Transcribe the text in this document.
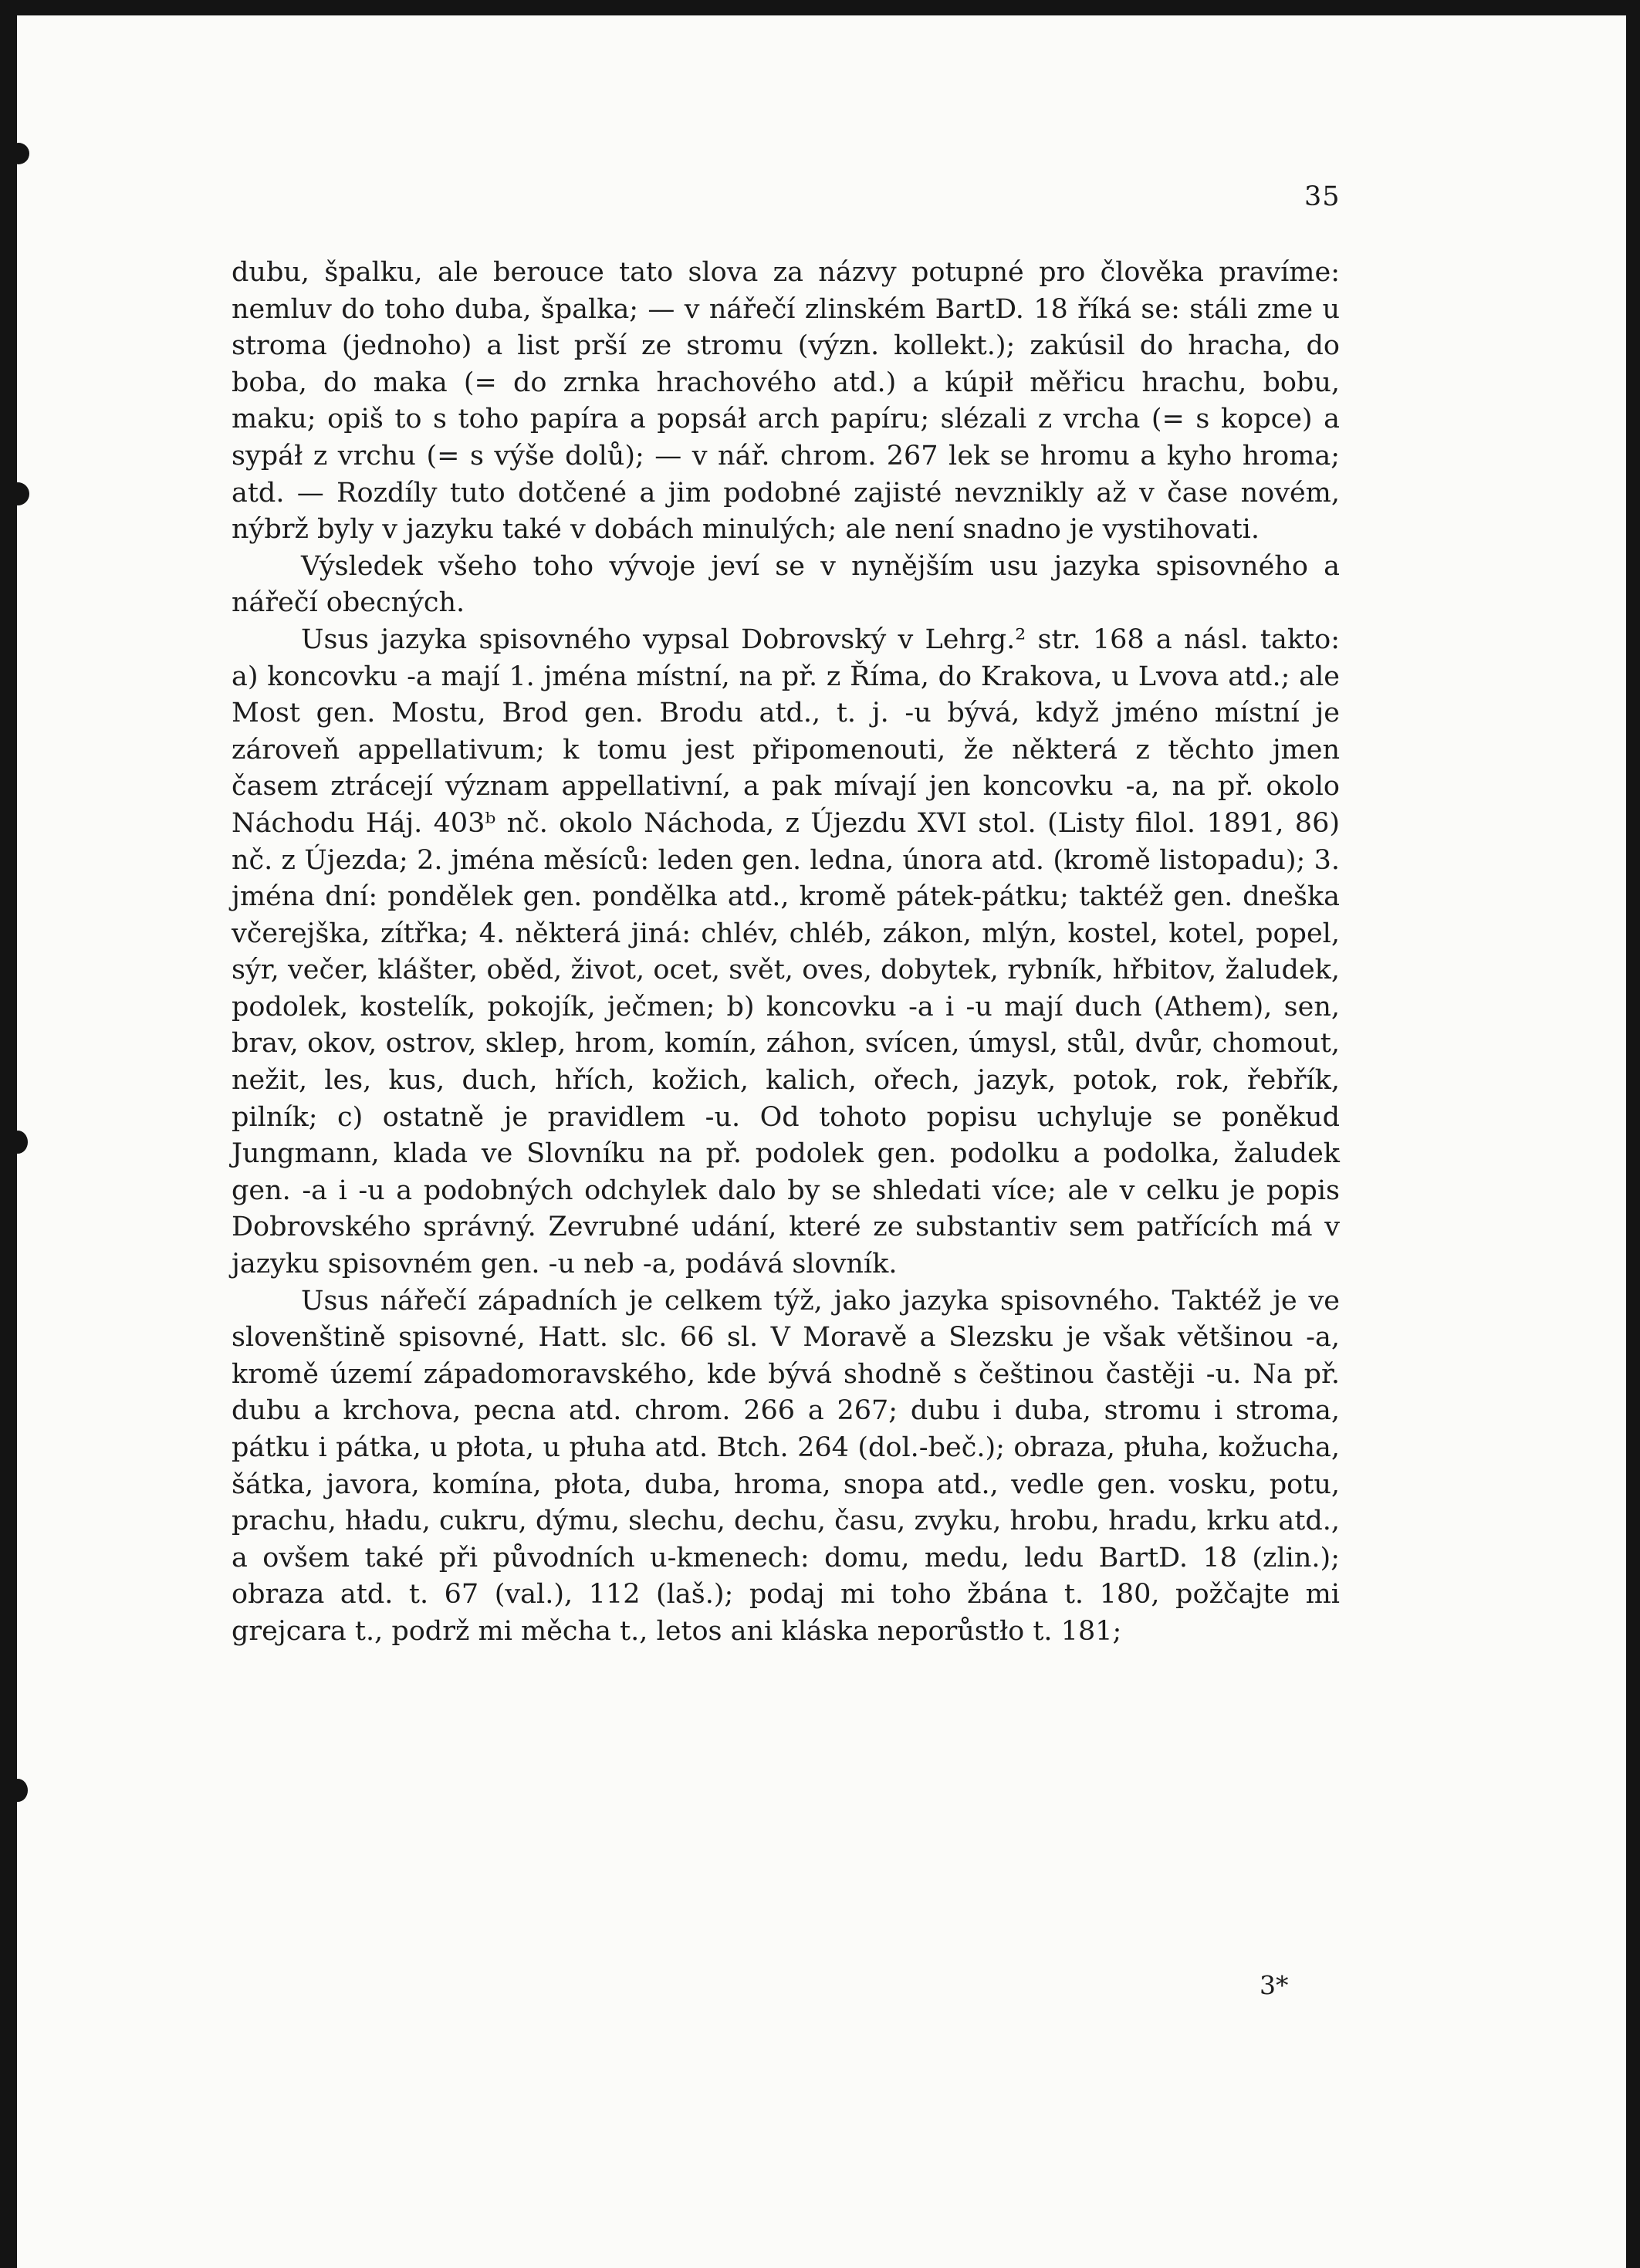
35

dubu, špalku, ale berouce tato slova za názvy potupné pro člověka pravíme: nemluv do toho duba, špalka; — v nářečí zlinském BartD. 18 říká se: stáli zme u stroma (jednoho) a list prší ze stromu (význ. kollekt.); zakúsil do hracha, do boba, do maka (= do zrnka hrachového atd.) a kúpił měřicu hrachu, bobu, maku; opiš to s toho papíra a popsáł arch papíru; slézali z vrcha (= s kopce) a sypáł z vrchu (= s výše dolů); — v nář. chrom. 267 lek se hromu a kyho hroma; atd. — Rozdíly tuto dotčené a jim podobné zajisté nevznikly až v čase novém, nýbrž byly v jazyku také v dobách minulých; ale není snadno je vystihovati.

Výsledek všeho toho vývoje jeví se v nynějším usu jazyka spisovného a nářečí obecných.

Usus jazyka spisovného vypsal Dobrovský v Lehrg.² str. 168 a násl. takto: a) koncovku -a mají 1. jména místní, na př. z Říma, do Krakova, u Lvova atd.; ale Most gen. Mostu, Brod gen. Brodu atd., t. j. -u bývá, když jméno místní je zároveň appellativum; k tomu jest připomenouti, že některá z těchto jmen časem ztrácejí význam appellativní, a pak mívají jen koncovku -a, na př. okolo Náchodu Háj. 403ᵇ nč. okolo Náchoda, z Újezdu XVI stol. (Listy filol. 1891, 86) nč. z Újezda; 2. jména měsíců: leden gen. ledna, února atd. (kromě listopadu); 3. jména dní: pondělek gen. pondělka atd., kromě pátek-pátku; taktéž gen. dneška včerejška, zítřka; 4. některá jiná: chlév, chléb, zákon, mlýn, kostel, kotel, popel, sýr, večer, klášter, oběd, život, ocet, svět, oves, dobytek, rybník, hřbitov, žaludek, podolek, kostelík, pokojík, ječmen; b) koncovku -a i -u mají duch (Athem), sen, brav, okov, ostrov, sklep, hrom, komín, záhon, svícen, úmysl, stůl, dvůr, chomout, nežit, les, kus, duch, hřích, kožich, kalich, ořech, jazyk, potok, rok, řebřík, pilník; c) ostatně je pravidlem -u. Od tohoto popisu uchyluje se poněkud Jungmann, klada ve Slovníku na př. podolek gen. podolku a podolka, žaludek gen. -a i -u a podobných odchylek dalo by se shledati více; ale v celku je popis Dobrovského správný. Zevrubné udání, které ze substantiv sem patřících má v jazyku spisovném gen. -u neb -a, podává slovník.

Usus nářečí západních je celkem týž, jako jazyka spisovného. Taktéž je ve slovenštině spisovné, Hatt. slc. 66 sl. V Moravě a Slezsku je však většinou -a, kromě území západomoravského, kde bývá shodně s češtinou častěji -u. Na př. dubu a krchova, pecna atd. chrom. 266 a 267; dubu i duba, stromu i stroma, pátku i pátka, u płota, u płuha atd. Btch. 264 (dol.-beč.); obraza, płuha, kožucha, šátka, javora, komína, płota, duba, hroma, snopa atd., vedle gen. vosku, potu, prachu, hładu, cukru, dýmu, slechu, dechu, času, zvyku, hrobu, hradu, krku atd., a ovšem také při původních u-kmenech: domu, medu, ledu BartD. 18 (zlin.); obraza atd. t. 67 (val.), 112 (laš.); podaj mi toho žbána t. 180, požčajte mi grejcara t., podrž mi měcha t., letos ani kláska neporůstło t. 181;

3*
